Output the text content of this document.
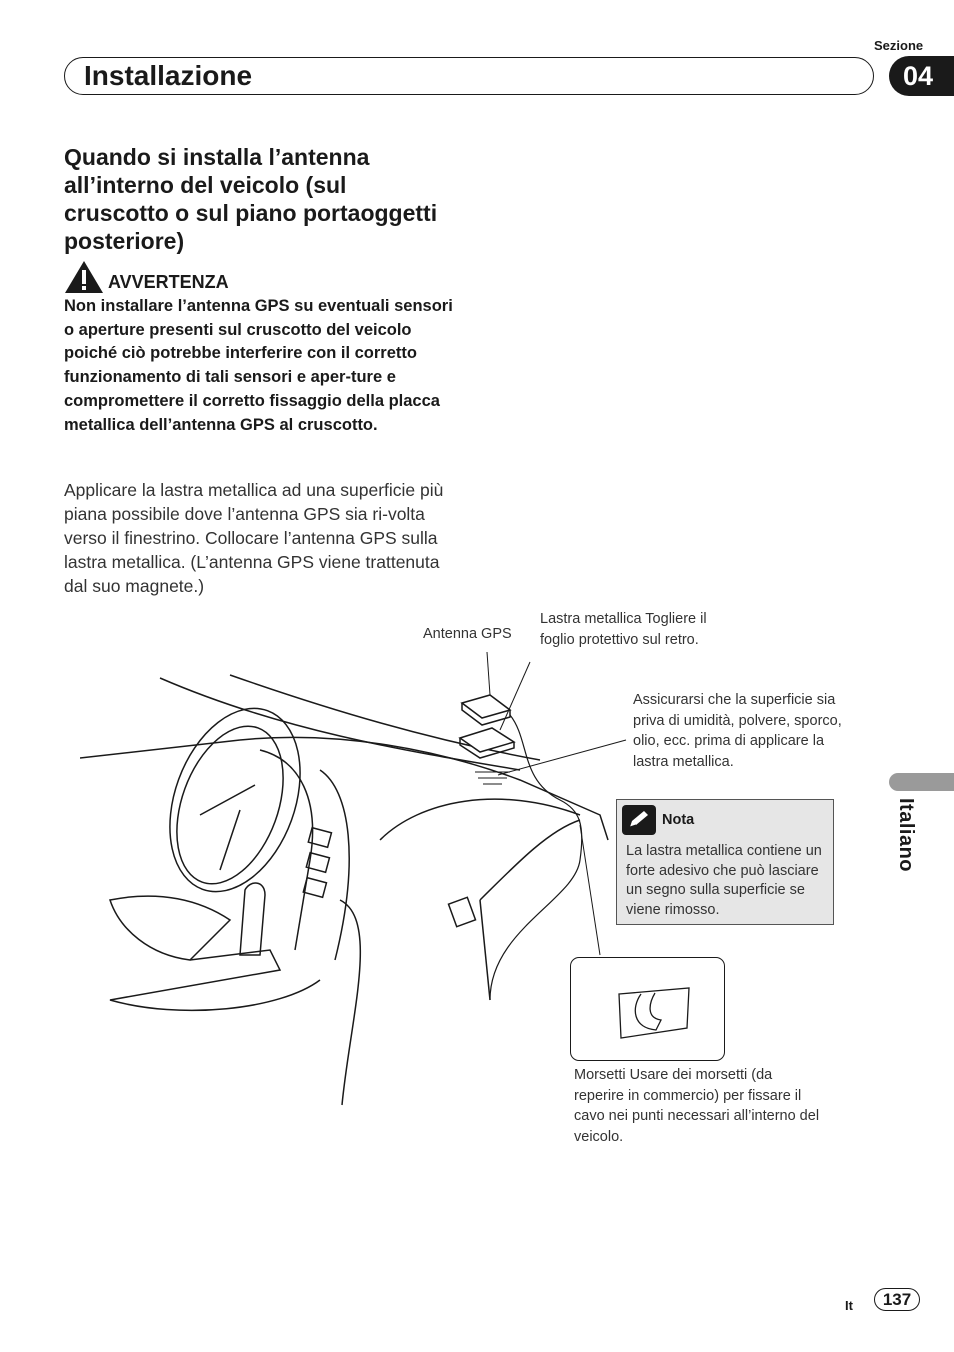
Sezione
Installazione	04
Italiano
Quando si installa l’antenna all’interno del veicolo (sul cruscotto o sul piano portaoggetti posteriore)
AVVERTENZA
Non installare l’antenna GPS su eventuali sensori o aperture presenti sul cruscotto del veicolo poiché ciò potrebbe interferire con il corretto funzionamento di tali sensori e aper-ture e compromettere il corretto fissaggio della placca metallica dell’antenna GPS al cruscotto.
Applicare la lastra metallica ad una superficie più piana possibile dove l’antenna GPS sia ri-volta verso il finestrino. Collocare l’antenna GPS sulla lastra metallica. (L’antenna GPS viene trattenuta dal suo magnete.)
Antenna GPS
Lastra metallica Togliere il foglio protettivo sul retro.
Assicurarsi che la superficie sia priva di umidità, polvere, sporco, olio, ecc. prima di applicare la lastra metallica.
Nota
La lastra metallica contiene un forte adesivo che può lasciare un segno sulla superficie se viene rimosso.
Morsetti Usare dei morsetti (da reperire in commercio) per fissare il cavo nei punti necessari all’interno del veicolo.
It	137
